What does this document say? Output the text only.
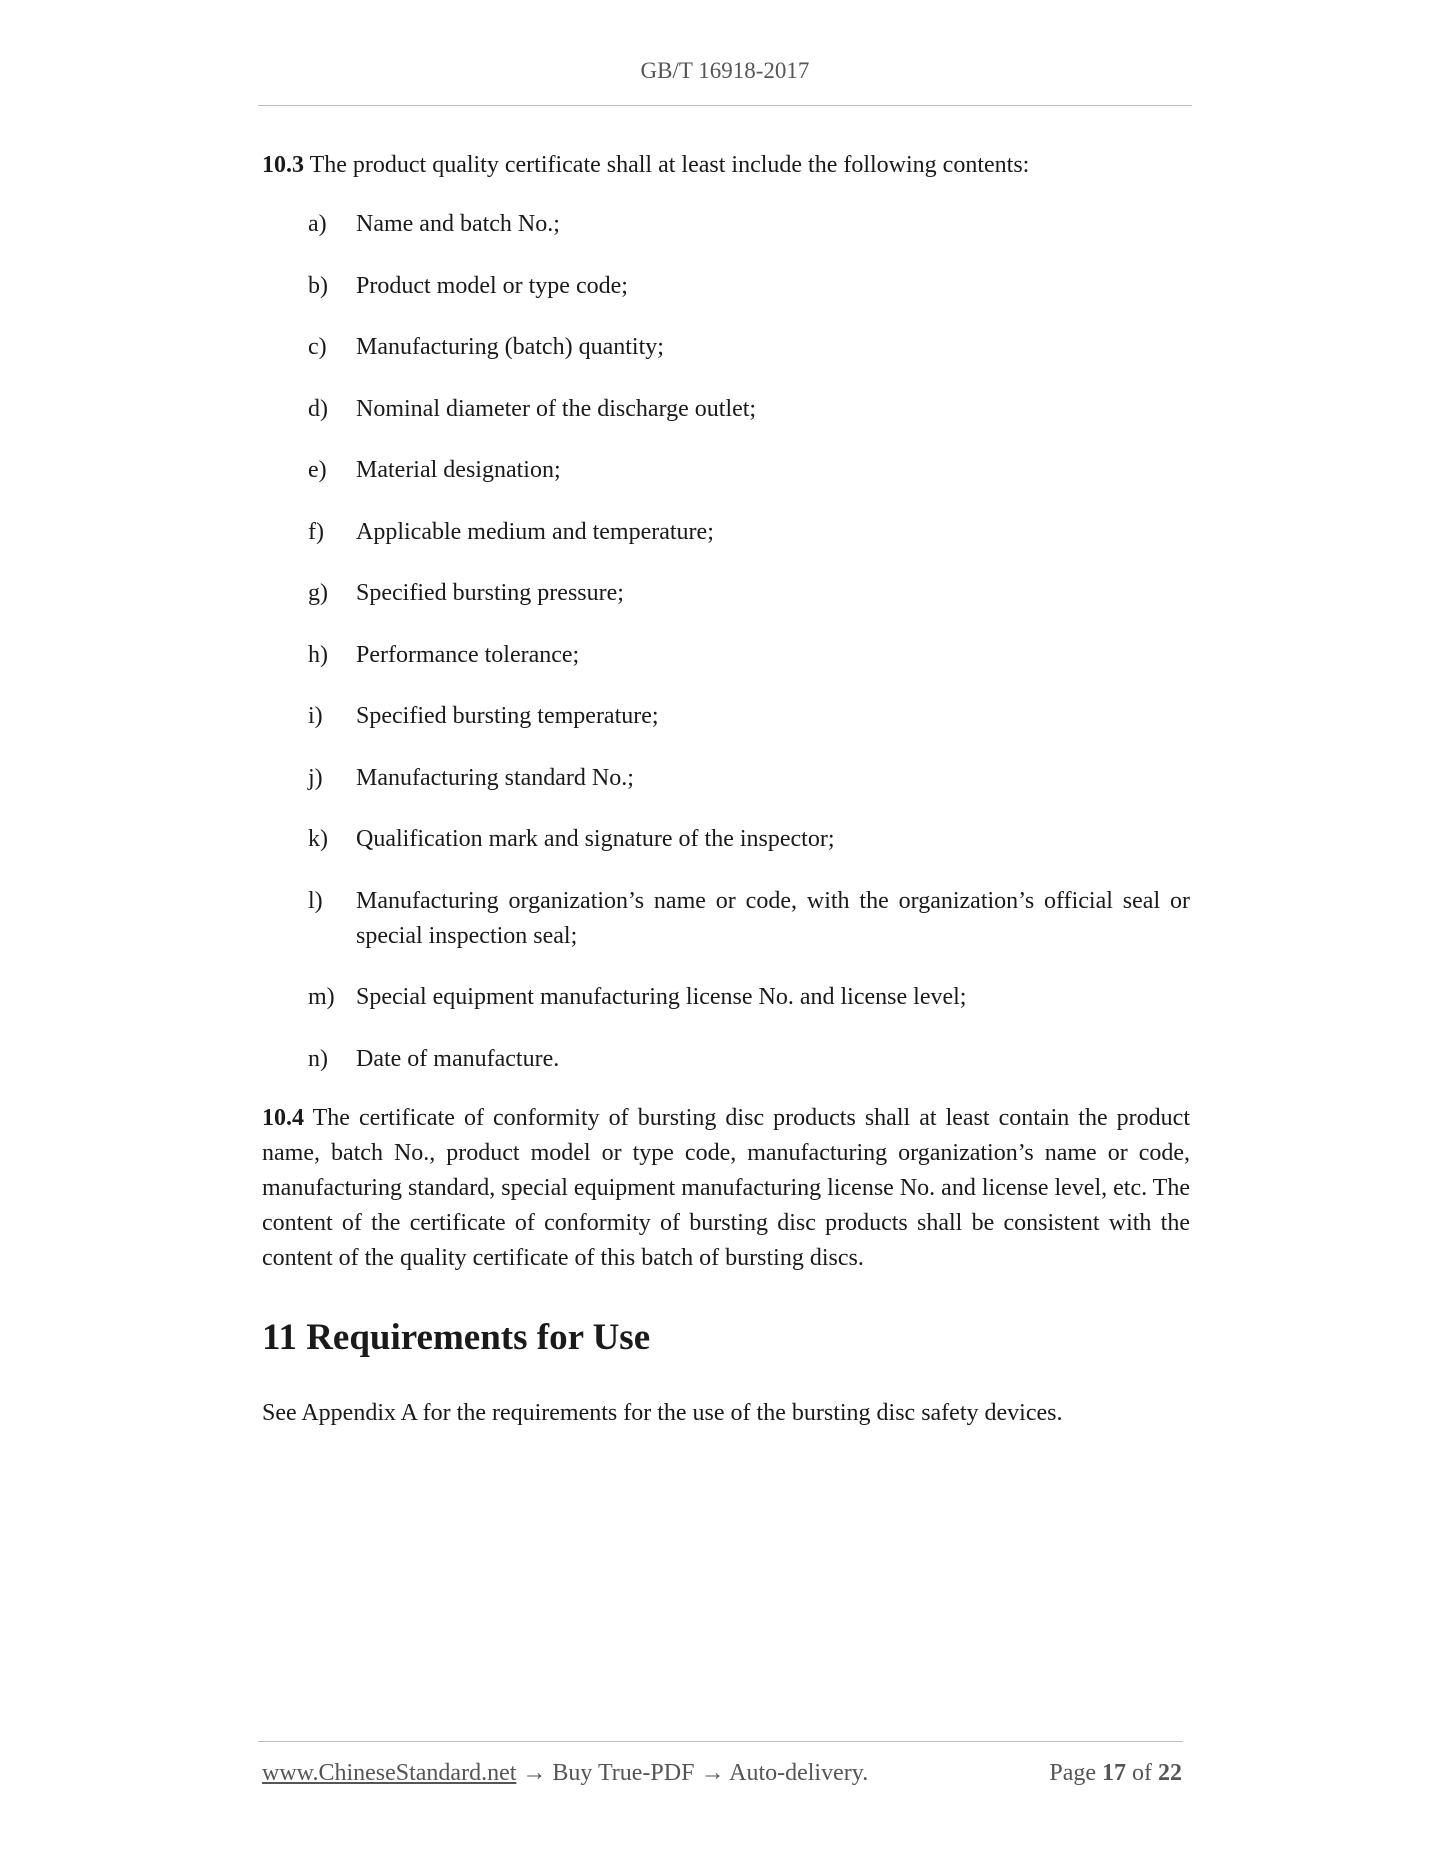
GB/T 16918-2017

10.3 The product quality certificate shall at least include the following contents:

a)	Name and batch No.;
b)	Product model or type code;
c)	Manufacturing (batch) quantity;
d)	Nominal diameter of the discharge outlet;
e)	Material designation;
f)	Applicable medium and temperature;
g)	Specified bursting pressure;
h)	Performance tolerance;
i)	Specified bursting temperature;
j)	Manufacturing standard No.;
k)	Qualification mark and signature of the inspector;
l)	Manufacturing organization’s name or code, with the organization’s official seal or special inspection seal;
m) Special equipment manufacturing license No. and license level;
n)	Date of manufacture.

10.4 The certificate of conformity of bursting disc products shall at least contain the product name, batch No., product model or type code, manufacturing organization’s name or code, manufacturing standard, special equipment manufacturing license No. and license level, etc. The content of the certificate of conformity of bursting disc products shall be consistent with the content of the quality certificate of this batch of bursting discs.

11 Requirements for Use

See Appendix A for the requirements for the use of the bursting disc safety devices.

www.ChineseStandard.net → Buy True-PDF → Auto-delivery.	Page 17 of 22
